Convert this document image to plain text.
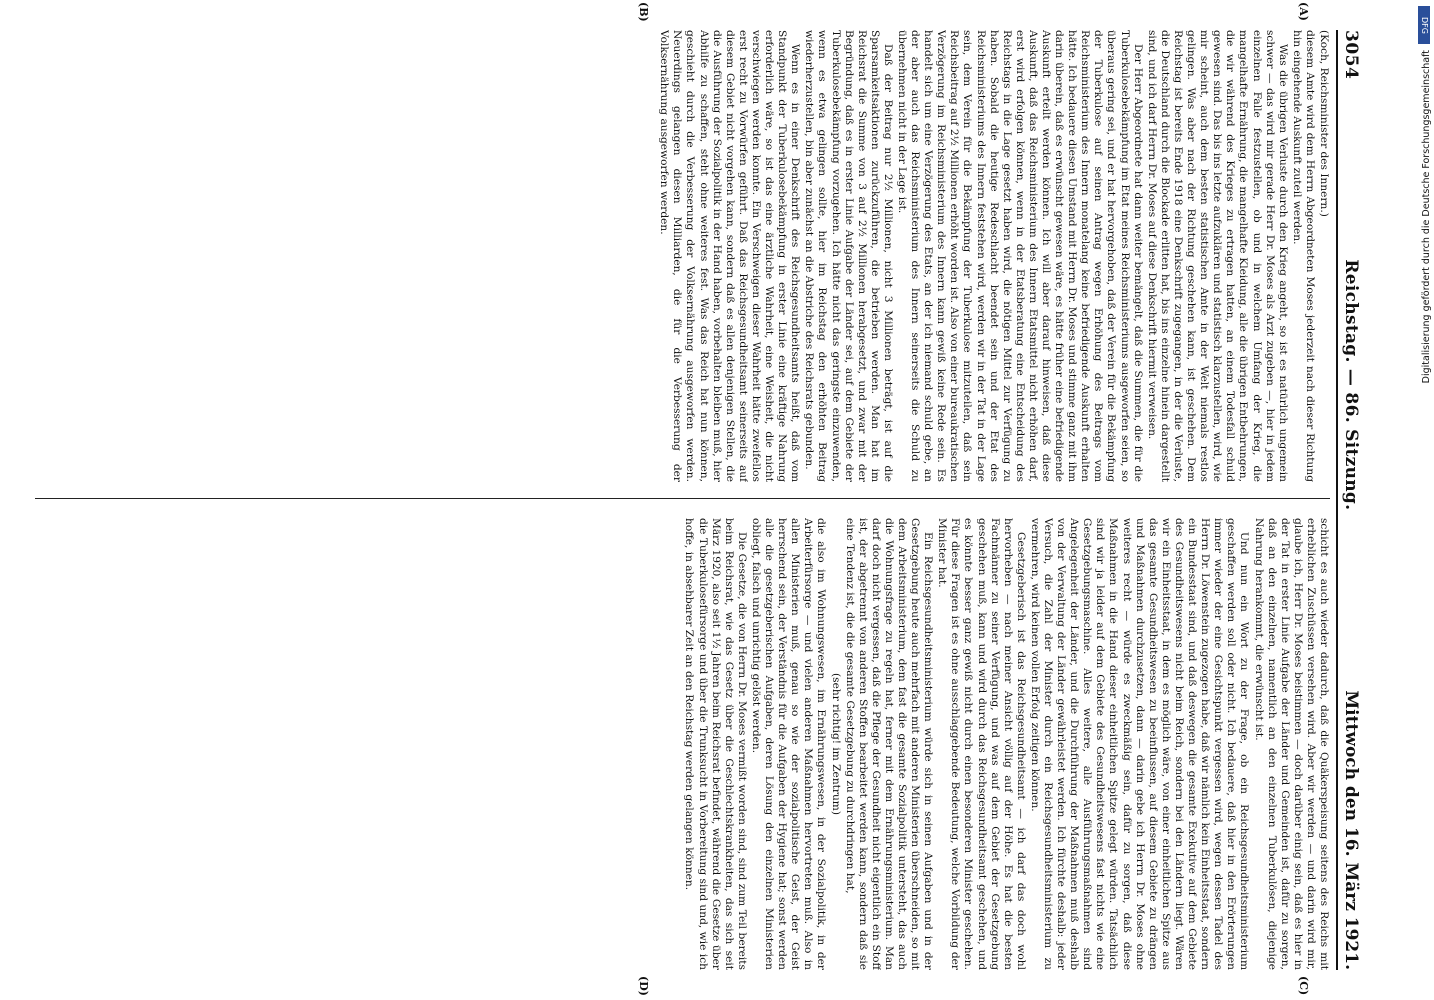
3054
Reichstag. — 86. Sitzung.
Mittwoch den 16. März 1921.

(Koch, Reichsminister des Innern.)

diesem Amte wird dem Herrn Abgeordneten Moses jederzeit nach dieser Richtung hin eingehende Auskunft zuteil werden.

Was die übrigen Verluste durch den Krieg angeht, so ist es natürlich ungemein schwer — das wird mir gerade Herr Dr. Moses als Arzt zugeben —, hier in jedem einzelnen Falle festzustellen, ob und in welchem Umfang der Krieg, die mangelhafte Ernährung, die mangelhafte Kleidung, alle die übrigen Entbehrungen, die wir während des Krieges zu ertragen hatten, an einem Todesfall schuld gewesen sind. Das bis ins letzte aufzuklären und statistisch klarzustellen, wird, wie mir scheint, auch dem besten statistischen Amte in der Welt niemals restlos gelingen. Was aber nach der Richtung geschehen kann, ist geschehen. Dem Reichstag ist bereits Ende 1918 eine Denkschrift zugegangen, in der die Verluste, die Deutschland durch die Blockade erlitten hat, bis ins einzelne hinein dargestellt sind, und ich darf Herrn Dr. Moses auf diese Denkschrift hiermit verweisen.

Der Herr Abgeordnete hat dann weiter bemängelt, daß die Summen, die für die Tuberkulosebekämpfung im Etat meines Reichsministeriums ausgeworfen seien, so überaus gering sei, und er hat hervorgehoben, daß der Verein für die Bekämpfung der Tuberkulose auf seinen Antrag wegen Erhöhung des Beitrags vom Reichsministerium des Innern monatelang keine befriedigende Auskunft erhalten hätte. Ich bedauere diesen Umstand mit Herrn Dr. Moses und stimme ganz mit ihm darin überein, daß es erwünscht gewesen wäre, es hätte früher eine befriedigende Auskunft erteilt werden können. Ich will aber darauf hinweisen, daß diese Auskunft, daß das Reichsministerium des Innern Etatsmittel nicht erhöhen darf, erst wird erfolgen können, wenn in der Etatsberatung eine Entscheidung des Reichstags in die Lage gesetzt haben wird, die nötigen Mittel zur Verfügung zu haben. Sobald die heutige Redeschlacht beendet sein und der Etat des Reichsministeriums des Innern feststehen wird, werden wir in der Tat in der Lage sein, dem Verein für die Bekämpfung der Tuberkulose mitzuteilen, daß sein Reichsbeitrag auf 2½ Millionen erhöht worden ist. Also von einer bureaukratischen Verzögerung im Reichsministerium des Innern kann gewiß keine Rede sein. Es handelt sich um eine Verzögerung des Etats, an der ich niemand schuld gebe, an der aber auch das Reichsministerium des Innern seinerseits die Schuld zu übernehmen nicht in der Lage ist.

Daß der Beitrag nur 2½ Millionen, nicht 3 Millionen beträgt, ist auf die Sparsamkeitsaktionen zurückzuführen, die betrieben werden. Man hat im Reichsrat die Summe von 3 auf 2½ Millionen herabgesetzt, und zwar mit der Begründung, daß es in erster Linie Aufgabe der Länder sei, auf dem Gebiete der Tuberkulosebekämpfung vorzugehen. Ich hätte nicht das geringste einzuwenden, wenn es etwa gelingen sollte, hier im Reichstag den erhöhten Beitrag wiederherzustellen, bin aber zunächst an die Abstriche des Reichsrats gebunden.

Wenn es in einer Denkschrift des Reichsgesundheitsamts heißt, daß vom Standpunkt der Tuberkulosebekämpfung in erster Linie eine kräftige Nahrung erforderlich wäre, so ist das eine ärztliche Wahrheit, eine Weisheit, die nicht verschwiegen werden konnte. Ein Verschweigen dieser Wahrheit hätte zweifellos erst recht zu Vorwürfen geführt. Daß das Reichsgesundheitsamt seinerseits auf diesem Gebiet nicht vorgehen kann, sondern daß es allen denjenigen Stellen, die die Ausführung der Sozialpolitik in der Hand haben, vorbehalten bleiben muß, hier Abhilfe zu schaffen, steht ohne weiteres fest. Was das Reich hat nun können, geschieht durch die Verbesserung der Volksernährung ausgeworfen werden. Neuerdings gelangen diesen Milliarden, die für die Verbesserung der Volksernährung ausgeworfen werden.

schicht es auch wieder dadurch, daß die Quäkerspeisung seitens des Reichs mit erheblichen Zuschüssen versehen wird. Aber wir werden — und darin wird mir, glaube ich, Herr Dr. Moses beistimmen — doch darüber einig sein, daß es hier in der Tat in erster Linie Aufgabe der Länder und Gemeinden ist, dafür zu sorgen, daß an den einzelnen, namentlich an den einzelnen Tuberkulösen, diejenige Nahrung herankommt, die erwünscht ist.

Und nun ein Wort zu der Frage, ob ein Reichsgesundheitsministerium geschaffen werden soll oder nicht. Ich bedauere, daß hier in den Erörterungen immer wieder der eine Gesichtspunkt vergessen wird, wegen dessen Tadel des Herrn Dr. Löwenstein zugezogen habe, daß wir nämlich kein Einheitsstaat, sondern ein Bundesstaat sind, und daß deswegen die gesamte Exekutive auf dem Gebiete des Gesundheitswesens nicht beim Reich, sondern bei den Ländern liegt. Wären wir ein Einheitsstaat, in dem es möglich wäre, von einer einheitlichen Spitze aus das gesamte Gesundheitswesen zu beeinflussen, auf diesem Gebiete zu drängen und Maßnahmen durchzusetzen, dann — darin gebe ich Herrn Dr. Moses ohne weiteres recht — würde es zweckmäßig sein, dafür zu sorgen, daß diese Maßnahmen in die Hand dieser einheitlichen Spitze gelegt würden. Tatsächlich sind wir ja leider auf dem Gebiete des Gesundheitswesens fast nichts wie eine Gesetzgebungsmaschine. Alles weitere, alle Ausführungsmaßnahmen sind Angelegenheit der Länder, und die Durchführung der Maßnahmen muß deshalb von der Verwaltung der Länder gewährleistet werden. Ich fürchte deshalb: jeder Versuch, die Zahl der Minister durch ein Reichsgesundheitsministerium zu vermehren, wird keinen vollen Erfolg zeitigen können.

Gesetzgeberisch ist das Reichsgesundheitsamt — ich darf das doch wohl hervorheben — nach meiner Ansicht völlig auf der Höhe. Es hat die besten Fachmänner zu seiner Verfügung, und was auf dem Gebiet der Gesetzgebung geschehen muß, kann und wird durch das Reichsgesundheitsamt geschehen, und es könnte besser ganz gewiß nicht durch einen besonderen Minister geschehen. Für diese Fragen ist es ohne ausschlaggebende Bedeutung, welche Vorbildung der Minister hat.

Ein Reichsgesundheitsministerium würde sich in seinen Aufgaben und in der Gesetzgebung heute auch mehrfach mit anderen Ministerien überschneiden, so mit dem Arbeitsministerium, dem fast die gesamte Sozialpolitik untersteht, das auch die Wohnungsfrage zu regeln hat, ferner mit dem Ernährungsministerium. Man darf doch nicht vergessen, daß die Pflege der Gesundheit nicht eigentlich ein Stoff ist, der abgetrennt von anderen Stoffen bearbeitet werden kann, sondern daß sie eine Tendenz ist, die die gesamte Gesetzgebung zu durchdringen hat,

(sehr richtig! im Zentrum)

die also im Wohnungswesen, im Ernährungswesen, in der Sozialpolitik, in der Arbeiterfürsorge — und vielen anderen Maßnahmen hervortreten muß. Also in allen Ministerien muß, genau so wie der sozialpolitische Geist, der Geist herrschend sein, der Verständnis für die Aufgaben der Hygiene hat; sonst werden alle die gesetzgeberischen Aufgaben, deren Lösung den einzelnen Ministerien obliegt, falsch und unrichtig gelöst werden.

Die Gesetze, die von Herrn Dr. Moses vermißt worden sind, sind zum Teil bereits beim Reichsrat, wie das Gesetz über die Geschlechtskrankheiten, das sich seit März 1920, also seit 1½ Jahren beim Reichsrat befindet, während die Gesetze über die Tuberkulosefürsorge und über die Trunksucht in Vorbereitung sind und, wie ich hoffe, in absehbarer Zeit an den Reichstag werden gelangen können.

(A)
(B)
(C)
(D)
DFG
Digitalisierung gefördert durch die Deutsche Forschungsgemeinschaft
